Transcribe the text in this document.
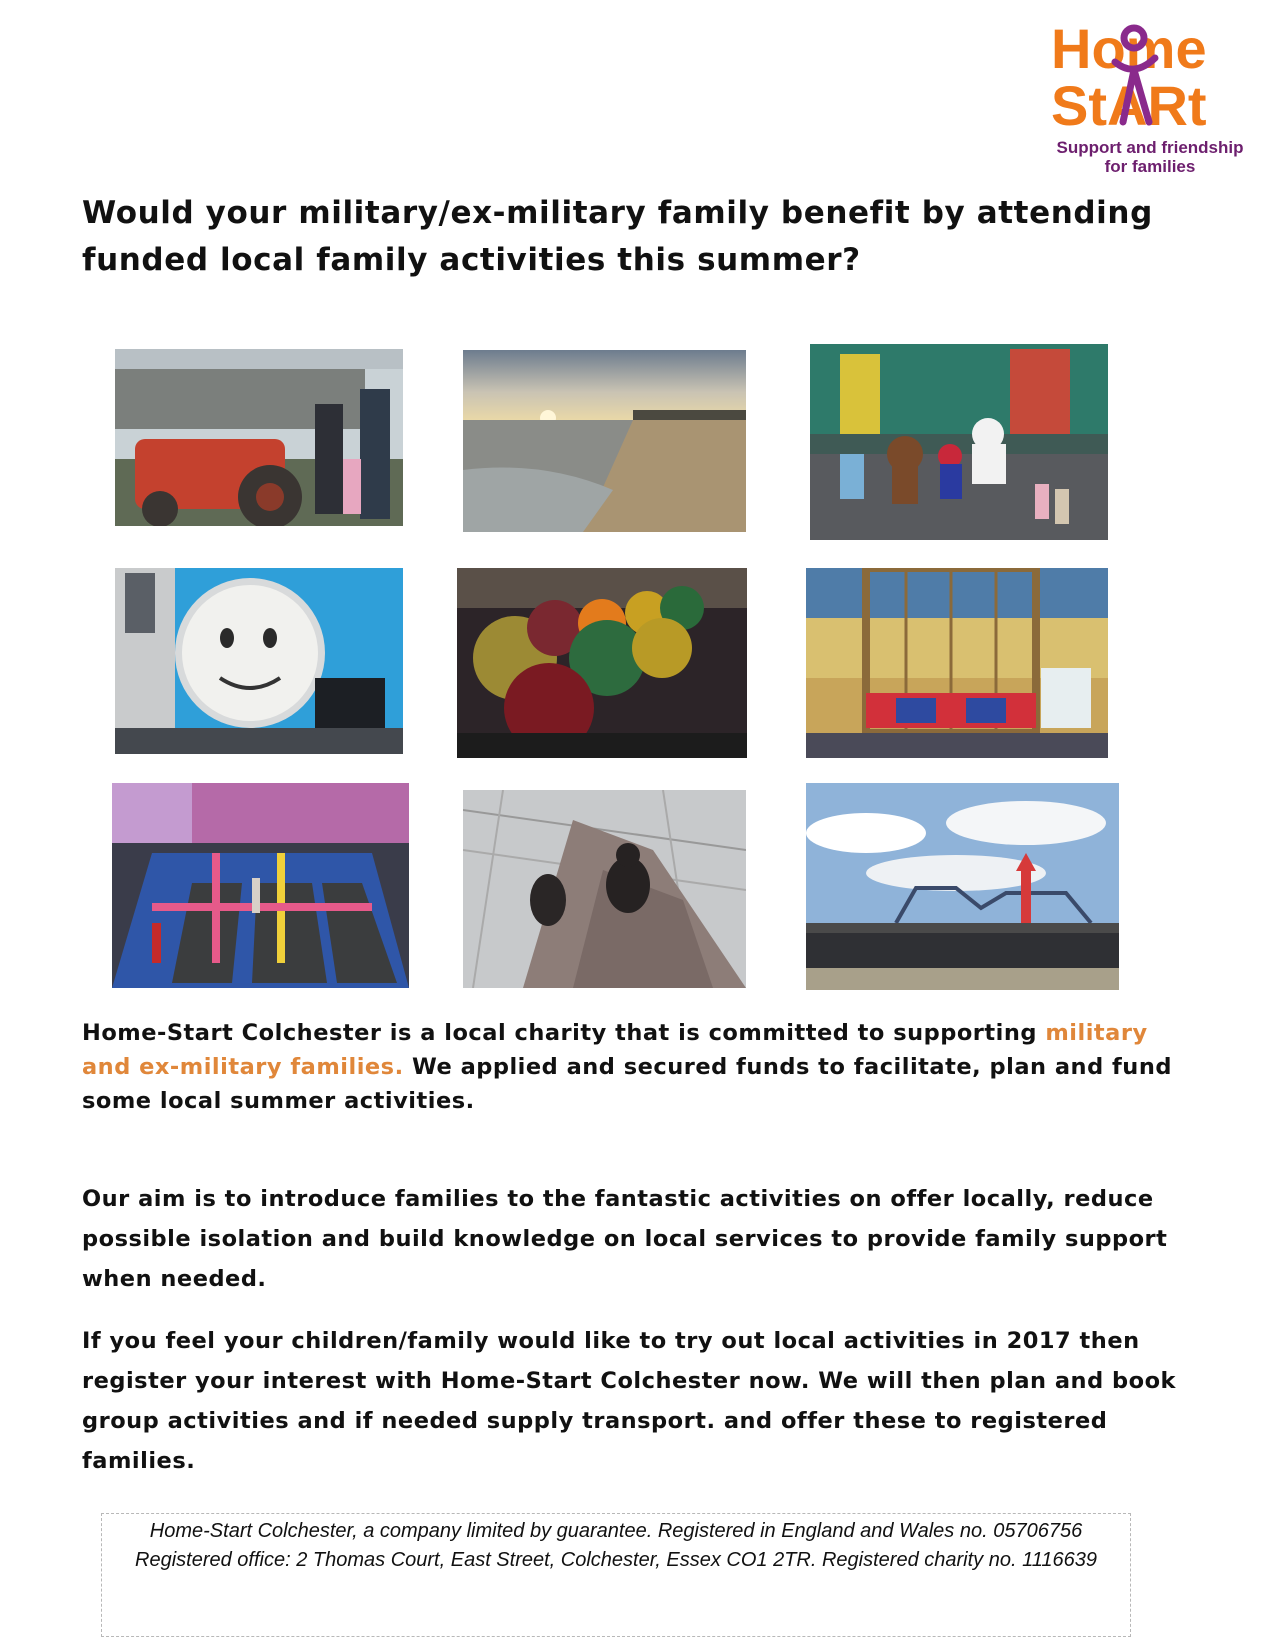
Home
StARt
Support and friendship
for families
Would your military/ex-military family benefit by attending
funded local family activities this summer?

Home-Start Colchester is a local charity that is committed to supporting military and ex-military families. We applied and secured funds to facilitate, plan and fund some local summer activities.

Our aim is to introduce families to the fantastic activities on offer locally, reduce possible isolation and build knowledge on local services to provide family support when needed.

If you feel your children/family would like to try out local activities in 2017 then register your interest with Home-Start Colchester now. We will then plan and book group activities and if needed supply transport. and offer these to registered families.

Home-Start Colchester, a company limited by guarantee. Registered in England and Wales no. 05706756

Registered office: 2 Thomas Court, East Street, Colchester, Essex CO1 2TR. Registered charity no. 1116639
